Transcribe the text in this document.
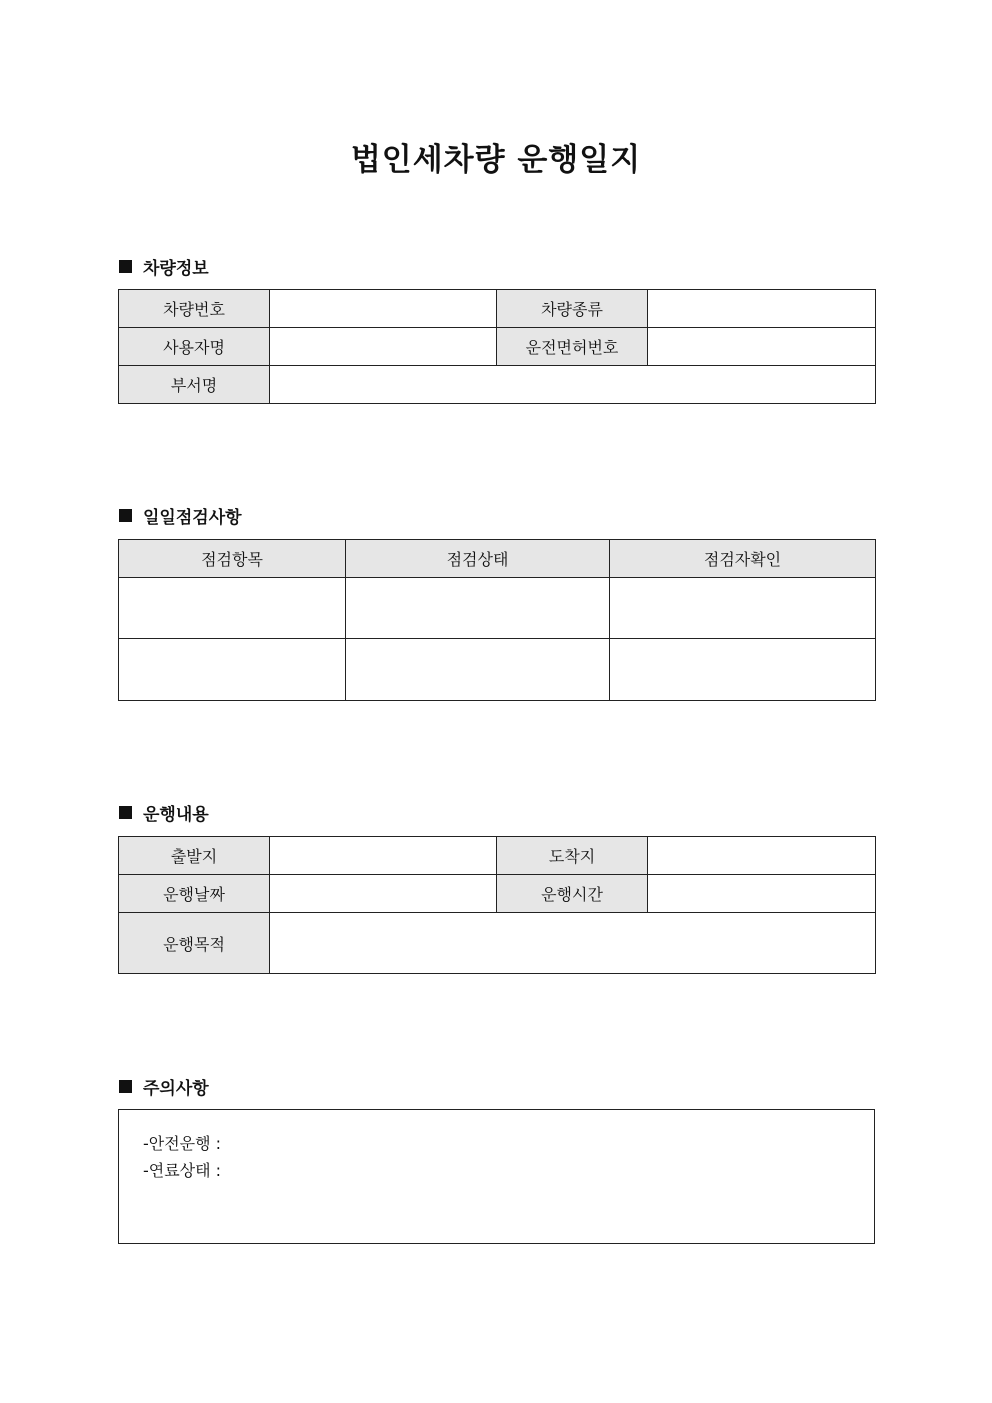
법인세차량 운행일지
차량정보
차량번호		차량종류	
사용자명		운전면허번호	
부서명			
일일점검사항
점검항목	점검상태	점검자확인

운행내용
출발지		도착지	
운행날짜		운행시간	
운행목적			
주의사항
-안전운행 :
-연료상태 :
